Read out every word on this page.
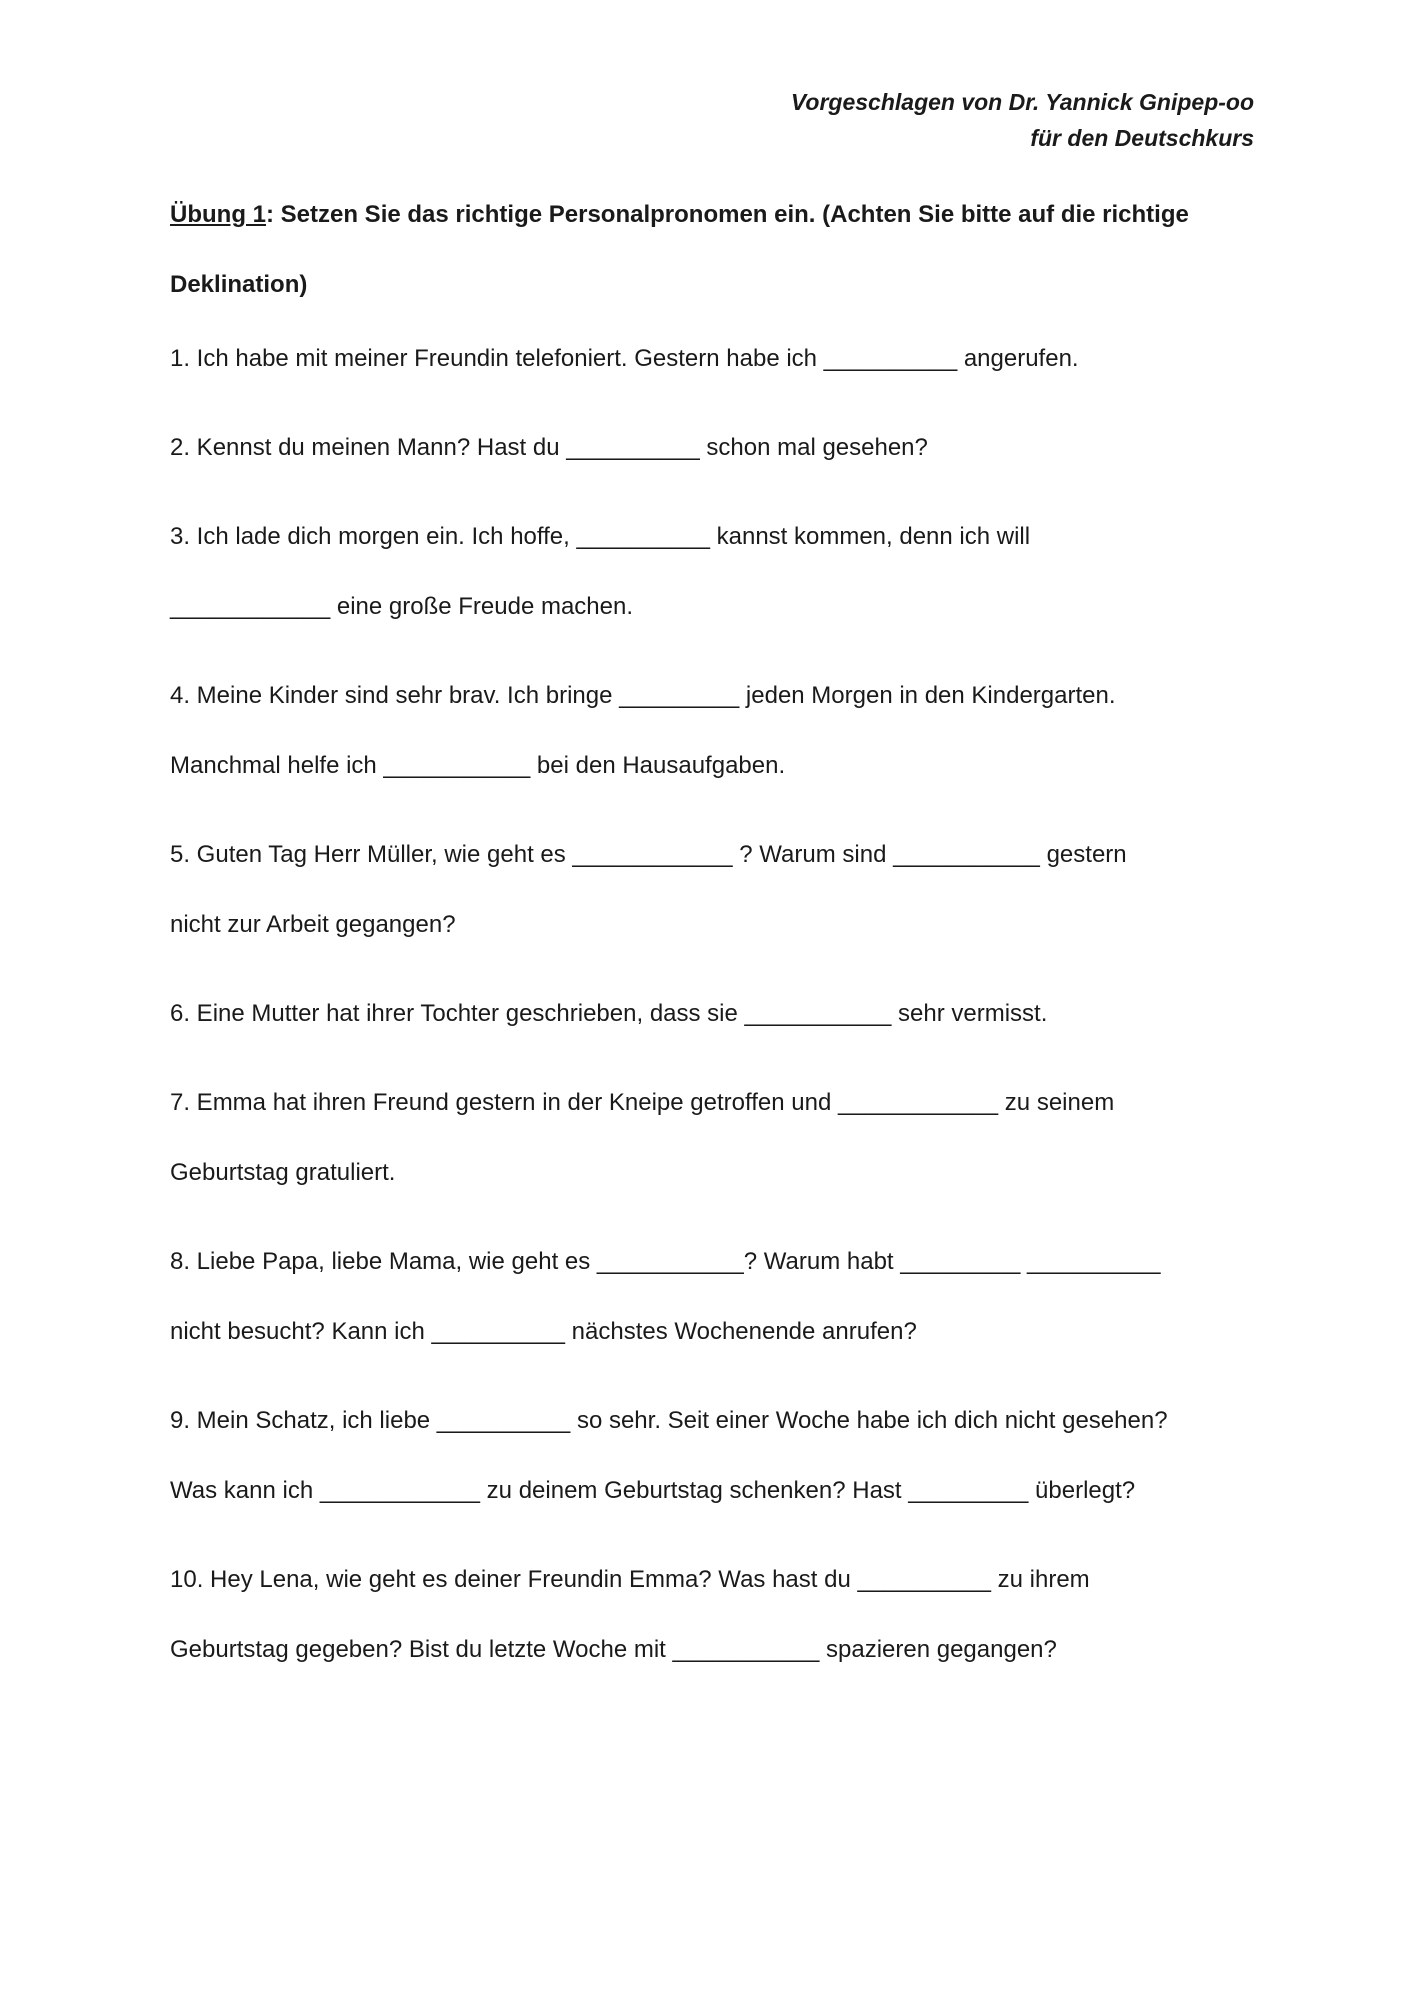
Vorgeschlagen von Dr. Yannick Gnipep-oo
für den Deutschkurs
Übung 1: Setzen Sie das richtige Personalpronomen ein. (Achten Sie bitte auf die richtige
Deklination)
1. Ich habe mit meiner Freundin telefoniert. Gestern habe ich __________ angerufen.
2. Kennst du meinen Mann? Hast du __________ schon mal gesehen?
3. Ich lade dich morgen ein. Ich hoffe, __________ kannst kommen, denn ich will
____________ eine große Freude machen.
4. Meine Kinder sind sehr brav. Ich bringe _________ jeden Morgen in den Kindergarten.
Manchmal helfe ich ___________ bei den Hausaufgaben.
5. Guten Tag Herr Müller, wie geht es ____________ ? Warum sind ___________ gestern
nicht zur Arbeit gegangen?
6. Eine Mutter hat ihrer Tochter geschrieben, dass sie ___________ sehr vermisst.
7. Emma hat ihren Freund gestern in der Kneipe getroffen und ____________ zu seinem
Geburtstag gratuliert.
8. Liebe Papa, liebe Mama, wie geht es ___________? Warum habt _________ __________
nicht besucht? Kann ich __________ nächstes Wochenende anrufen?
9. Mein Schatz, ich liebe __________ so sehr. Seit einer Woche habe ich dich nicht gesehen?
Was kann ich ____________ zu deinem Geburtstag schenken? Hast _________ überlegt?
10. Hey Lena, wie geht es deiner Freundin Emma? Was hast du __________ zu ihrem
Geburtstag gegeben? Bist du letzte Woche mit ___________ spazieren gegangen?
